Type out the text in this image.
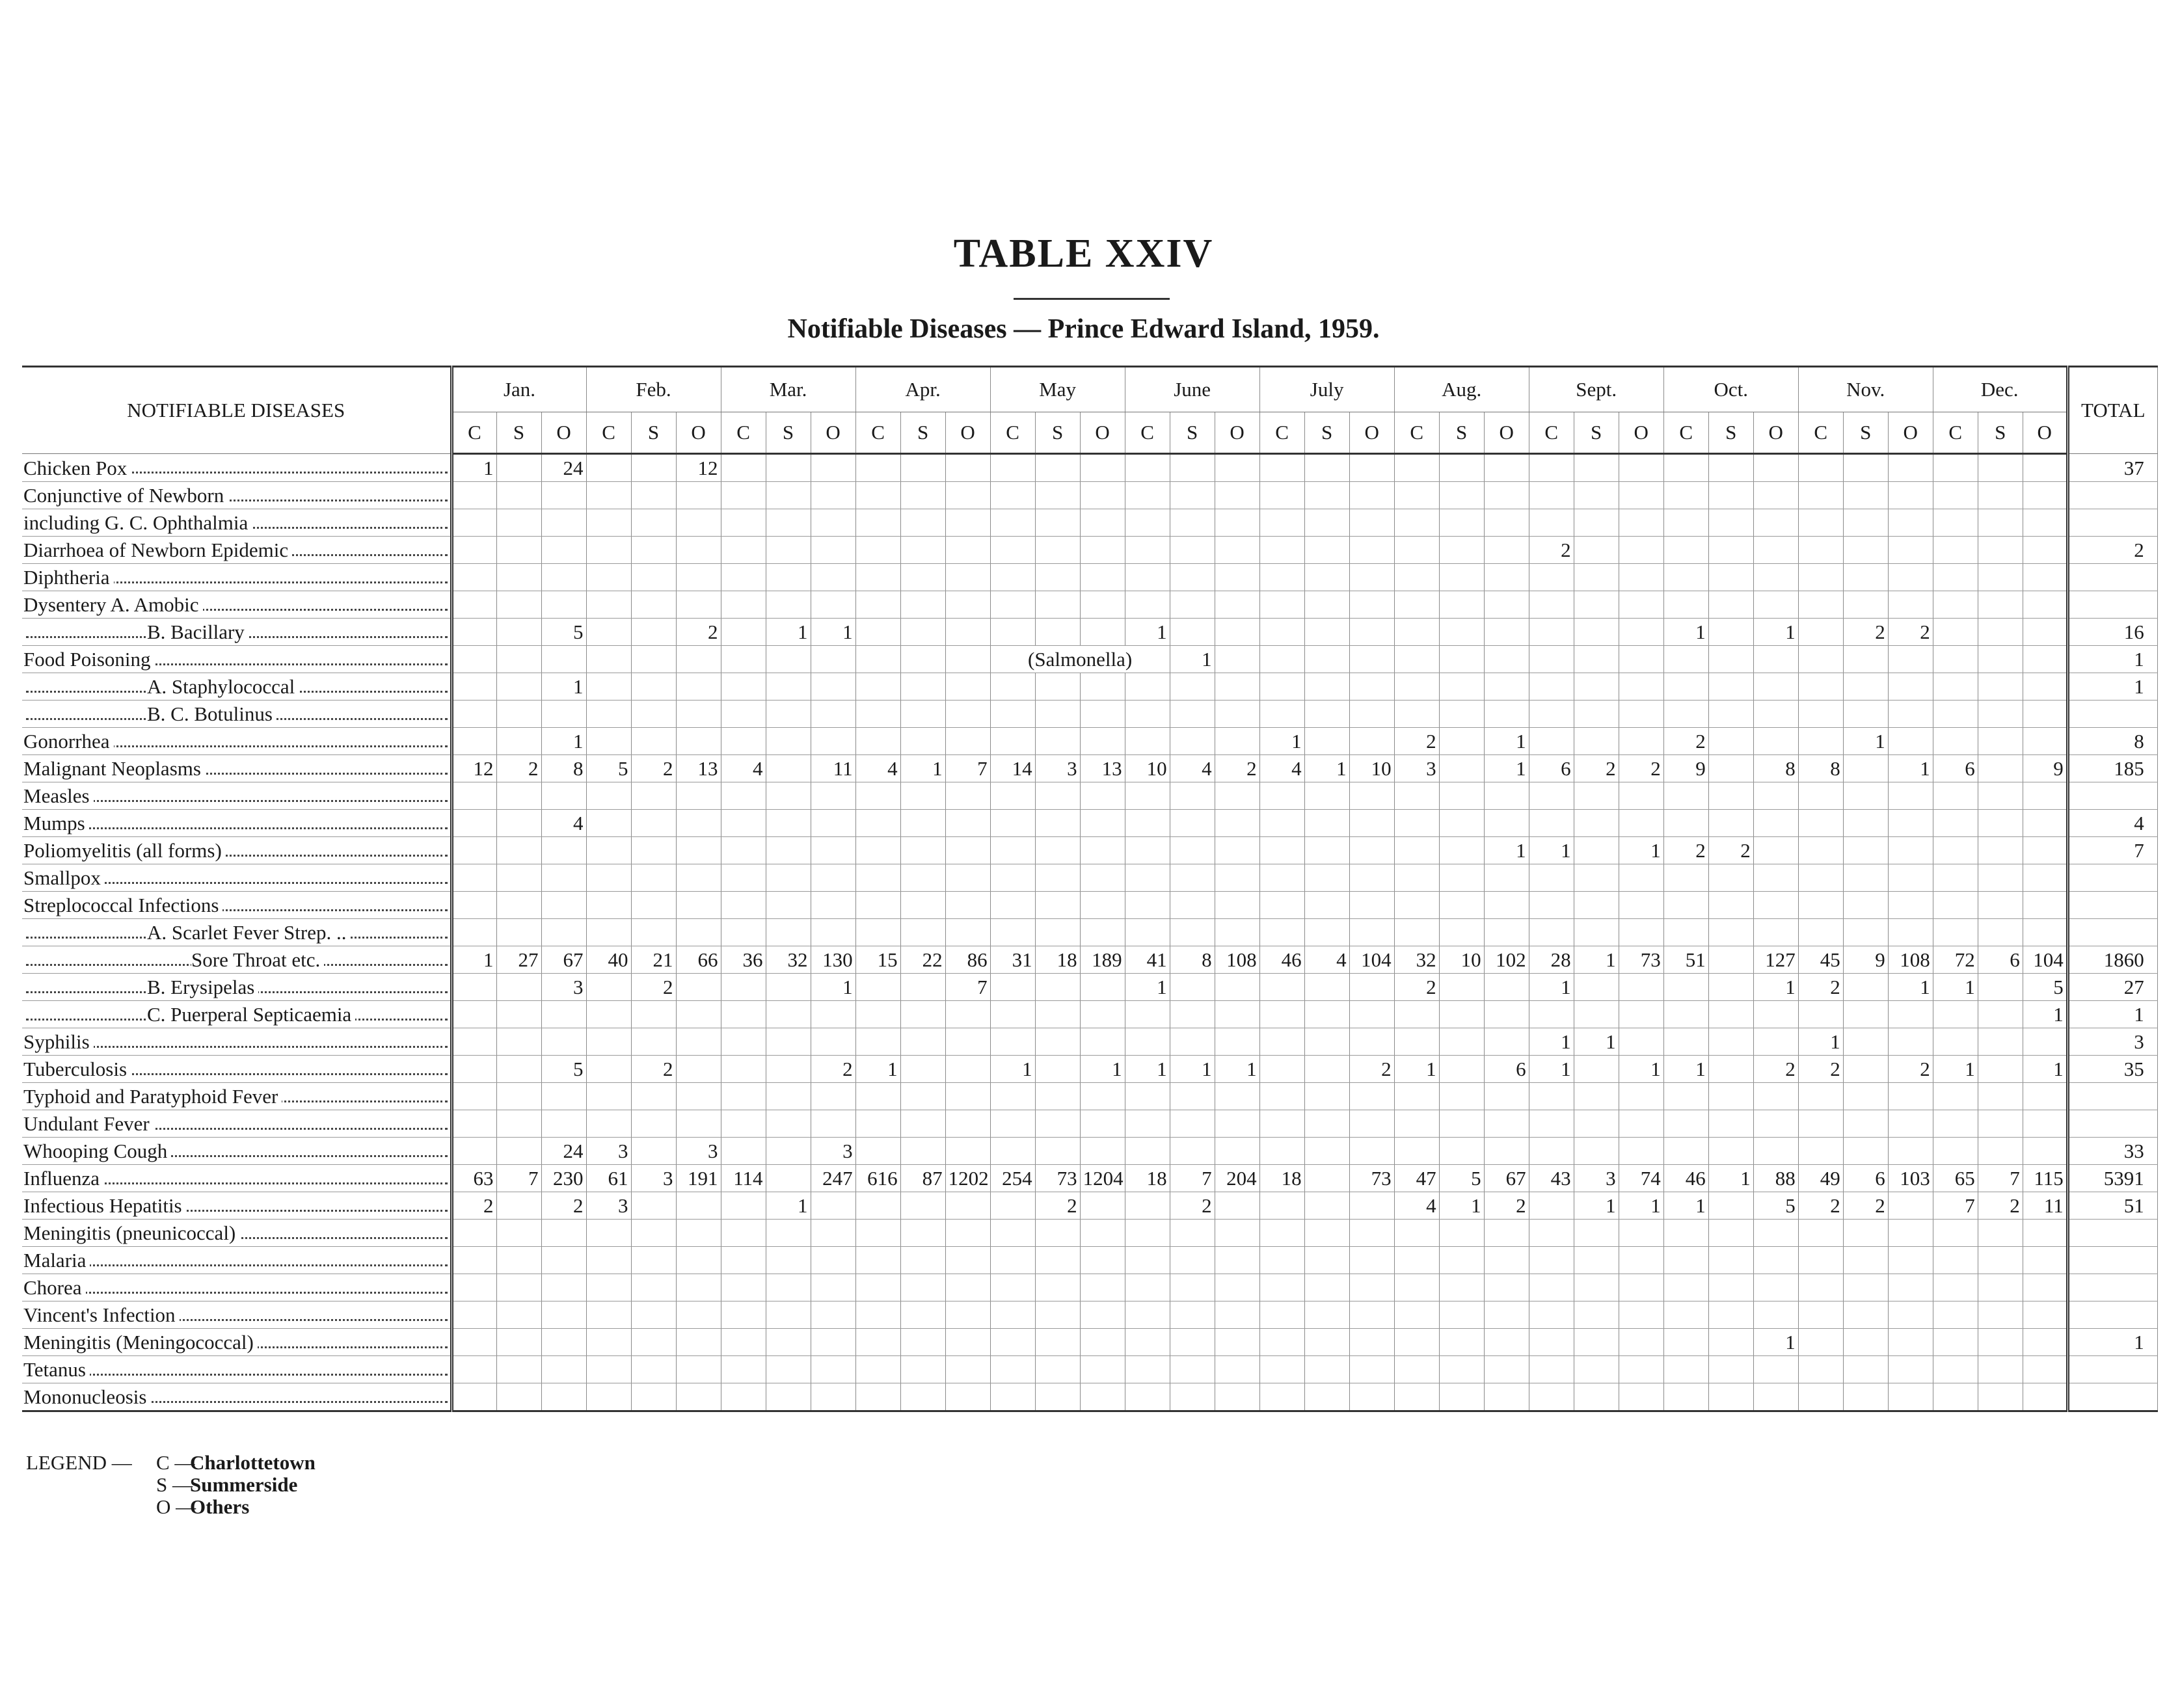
TABLE XXIV
Notifiable Diseases — Prince Edward Island, 1959.
NOTIFIABLE DISEASES	Jan.			Feb.			Mar.			Apr.			May			June			July			Aug.			Sept.			Oct.			Nov.			Dec.			TOTAL
	C	S	O	C	S	O	C	S	O	C	S	O	C	S	O	C	S	O	C	S	O	C	S	O	C	S	O	C	S	O	C	S	O	C	S	O	

Chicken Pox	1		24			12																															37

Conjunctive of Newborn																																					

including G. C. Ophthalmia																																					

Diarrhoea of Newborn Epidemic																									2												2

Diphtheria																																					

Dysentery A. Amobic																																					

B. Bacillary			5			2		1	1							1												1		1		2	2				16

Food Poisoning													(Salmonella)				1																				1

A. Staphylococcal			1																																		1

B. C. Botulinus																																					

Gonorrhea			1																1			2		1				2				1					8

Malignant Neoplasms	12	2	8	5	2	13	4		11	4	1	7	14	3	13	10	4	2	4	1	10	3		1	6	2	2	9		8	8		1	6		9	185

Measles																																					

Mumps			4																																		4

Poliomyelitis (all forms)																								1	1		1	2	2								7

Smallpox																																					

Streplococcal Infections																																					

A. Scarlet Fever Strep. ..																																					

Sore Throat etc.	1	27	67	40	21	66	36	32	130	15	22	86	31	18	189	41	8	108	46	4	104	32	10	102	28	1	73	51		127	45	9	108	72	6	104	1860

B. Erysipelas			3		2				1			7				1						2			1					1	2		1	1		5	27

C. Puerperal Septicaemia																																				1	1

Syphilis																									1	1					1						3

Tuberculosis			5		2				2	1			1		1	1	1	1			2	1		6	1		1	1		2	2		2	1		1	35

Typhoid and Paratyphoid Fever																																					

Undulant Fever																																					

Whooping Cough			24	3		3			3																												33

Influenza	63	7	230	61	3	191	114		247	616	87	1202	254	73	1204	18	7	204	18		73	47	5	67	43	3	74	46	1	88	49	6	103	65	7	115	5391

Infectious Hepatitis	2		2	3				1						2			2					4	1	2		1	1	1		5	2	2		7	2	11	51

Meningitis (pneunicoccal)																																					

Malaria																																					

Chorea																																					

Vincent's Infection																																					

Meningitis (Meningococcal)																														1							1

Tetanus																																					

Mononucleosis																																					
LEGEND — C —Charlottetown
S —Summerside
O —Others
